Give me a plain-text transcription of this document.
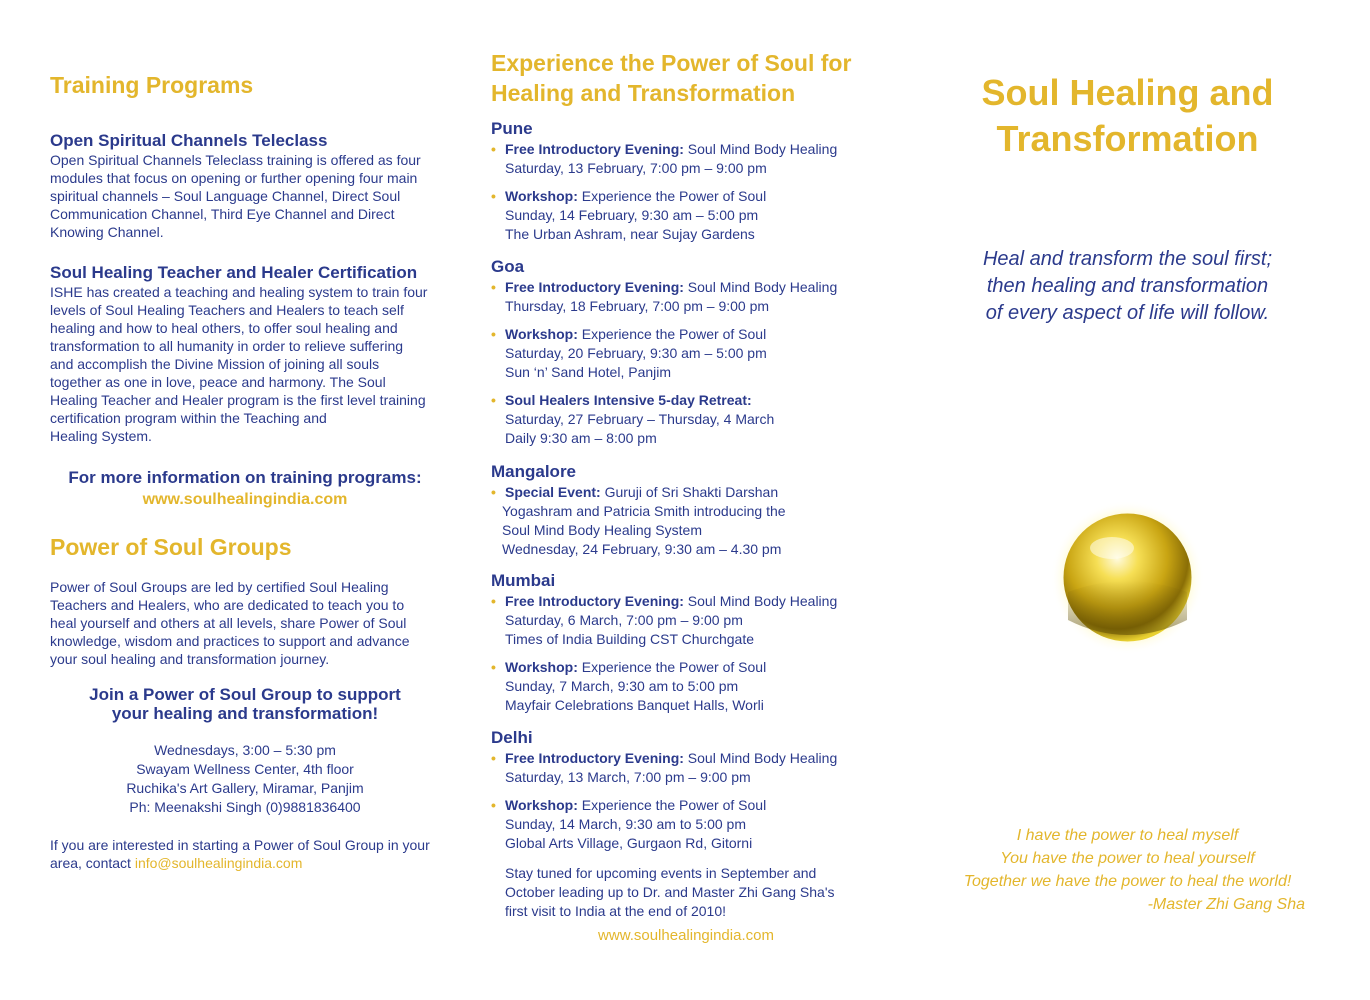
Training Programs
Open Spiritual Channels Teleclass
Open Spiritual Channels Teleclass training is offered as four
modules that focus on opening or further opening four main
spiritual channels – Soul Language Channel, Direct Soul
Communication Channel, Third Eye Channel and Direct
Knowing Channel.
Soul Healing Teacher and Healer Certification
ISHE has created a teaching and healing system to train four
levels of Soul Healing Teachers and Healers to teach self
healing and how to heal others, to offer soul healing and
transformation to all humanity in order to relieve suffering
and accomplish the Divine Mission of joining all souls
together as one in love, peace and harmony. The Soul
Healing Teacher and Healer program is the first level training
certification program within the Teaching and
Healing System.
For more information on training programs:
www.soulhealingindia.com
Power of Soul Groups
Power of Soul Groups are led by certified Soul Healing
Teachers and Healers, who are dedicated to teach you to
heal yourself and others at all levels, share Power of Soul
knowledge, wisdom and practices to support and advance
your soul healing and transformation journey.
Join a Power of Soul Group to support
your healing and transformation!
Wednesdays, 3:00 – 5:30 pm
Swayam Wellness Center, 4th floor
Ruchika's Art Gallery, Miramar, Panjim
Ph: Meenakshi Singh (0)9881836400
If you are interested in starting a Power of Soul Group in your
area, contact info@soulhealingindia.com
Experience the Power of Soul for
Healing and Transformation
Pune
• Free Introductory Evening: Soul Mind Body Healing
Saturday, 13 February, 7:00 pm – 9:00 pm
• Workshop: Experience the Power of Soul
Sunday, 14 February, 9:30 am – 5:00 pm
The Urban Ashram, near Sujay Gardens
Goa
• Free Introductory Evening: Soul Mind Body Healing
Thursday, 18 February, 7:00 pm – 9:00 pm
• Workshop: Experience the Power of Soul
Saturday, 20 February, 9:30 am – 5:00 pm
Sun ‘n’ Sand Hotel, Panjim
• Soul Healers Intensive 5-day Retreat:
Saturday, 27 February – Thursday, 4 March
Daily 9:30 am – 8:00 pm
Mangalore
• Special Event: Guruji of Sri Shakti Darshan
Yogashram and Patricia Smith introducing the
Soul Mind Body Healing System
Wednesday, 24 February, 9:30 am – 4.30 pm
Mumbai
• Free Introductory Evening: Soul Mind Body Healing
Saturday, 6 March, 7:00 pm – 9:00 pm
Times of India Building CST Churchgate
• Workshop: Experience the Power of Soul
Sunday, 7 March, 9:30 am to 5:00 pm
Mayfair Celebrations Banquet Halls, Worli
Delhi
• Free Introductory Evening: Soul Mind Body Healing
Saturday, 13 March, 7:00 pm – 9:00 pm
• Workshop: Experience the Power of Soul
Sunday, 14 March, 9:30 am to 5:00 pm
Global Arts Village, Gurgaon Rd, Gitorni
Stay tuned for upcoming events in September and
October leading up to Dr. and Master Zhi Gang Sha's
first visit to India at the end of 2010!
www.soulhealingindia.com
Soul Healing and
Transformation

Heal and transform the soul first;
then healing and transformation
of every aspect of life will follow.

I have the power to heal myself
You have the power to heal yourself
Together we have the power to heal the world!
-Master Zhi Gang Sha
